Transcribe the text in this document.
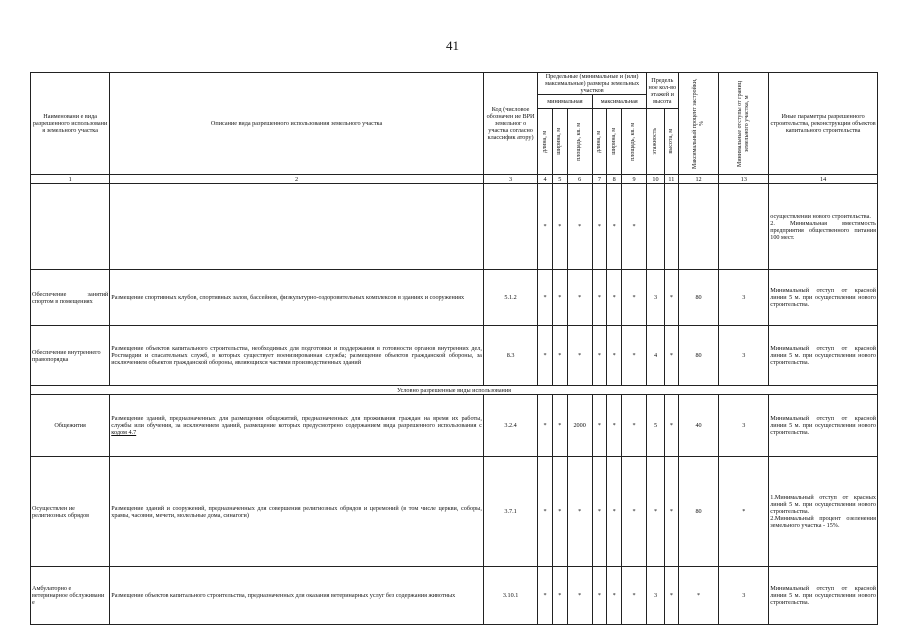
41
Наименовани е вида разрешенного использовани я земельного участка	Описание вида разрешенного использования земельного участка	Код (числовое обозначен ие ВРИ земельног о участка согласно классифик атору)	Предельные (минимальные и (или) максимальные) размеры земельных участков						Предель ное кол-во этажей и высота		Максимальный процент застройки, %	Минимальные отступы от границ земельного участка, м	Иные параметры разрешенного строительства, реконструкции объектов капитального строительства
			минимальная			максимальная							

			длина, м	ширина, м	площадь, кв. м	длина, м	ширина, м	площадь, кв. м	этажность	высота, м			

1	2	3	4	5	6	7	8	9	10	11	12	13	14
			*	*	*	*	*	*					осуществлении нового строительства.
2. Минимальная вместимость предприятия общественного питания 100 мест.

Обеспечение занятий спортом в помещениях	Размещение спортивных клубов, спортивных залов, бассейнов, физкультурно-оздоровительных комплексов в зданиях и сооружениях	5.1.2	*	*	*	*	*	*	3	*	80	3	Минимальный отступ от красной линии 5 м. при осуществлении нового строительства.

Обеспечение внутреннего правопорядка	Размещение объектов капитального строительства, необходимых для подготовки и поддержания в готовности органов внутренних дел, Росгвардии и спасательных служб, в которых существует военизированная служба; размещение объектов гражданской обороны, за исключением объектов гражданской обороны, являющихся частями производственных зданий	8.3	*	*	*	*	*	*	4	*	80	3	Минимальный отступ от красной линии 5 м. при осуществлении нового строительства.

Условно разрешенные виды использования													
Общежития	Размещение зданий, предназначенных для размещения общежитий, предназначенных для проживания граждан на время их работы, службы или обучения, за исключением зданий, размещение которых предусмотрено содержанием вида разрешенного использования с кодом 4.7	3.2.4	*	*	2000	*	*	*	5	*	40	3	Минимальный отступ от красной линии 5 м. при осуществлении нового строительства.

Осуществлен ие религиозных обрядов	Размещение зданий и сооружений, предназначенных для совершения религиозных обрядов и церемоний (в том числе церкви, соборы, храмы, часовни, мечети, молельные дома, синагоги)	3.7.1	*	*	*	*	*	*	*	*	80	*	1.Минимальный отступ от красных линий 5 м. при осуществлении нового строительства.
2.Минимальный процент озеленения земельного участка - 15%.

Амбулаторно е ветеринарное обслуживани е	Размещение объектов капитального строительства, предназначенных для оказания ветеринарных услуг без содержания животных	3.10.1	*	*	*	*	*	*	3	*	*	3	Минимальный отступ от красной линии 5 м. при осуществлении нового строительства.
